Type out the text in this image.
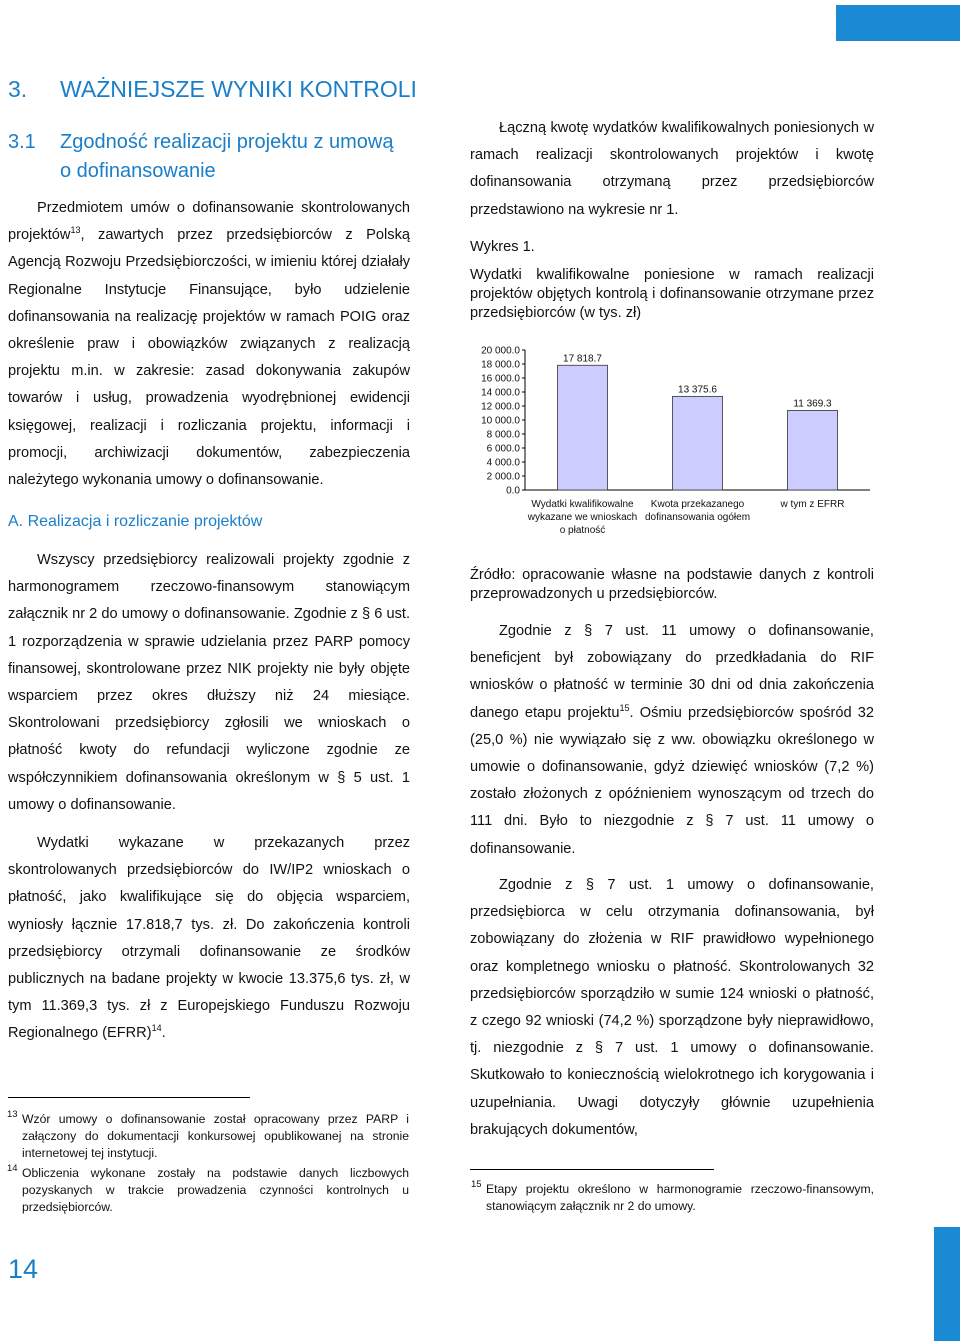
3. WAŻNIEJSZE WYNIKI KONTROLI
3.1 Zgodność realizacji projektu z umową
o dofinansowanie

Przedmiotem umów o dofinansowanie skontrolowanych projektów$^{13}$, zawartych przez przedsiębiorców z Polską Agencją Rozwoju Przedsiębiorczości, w imieniu której działały Regionalne Instytucje Finansujące, było udzielenie dofinansowania na realizację projektów w ramach POIG oraz określenie praw i obowiązków związanych z realizacją projektu m.in. w zakresie: zasad dokonywania zakupów towarów i usług, prowadzenia wyodrębnionej ewidencji księgowej, realizacji i rozliczania projektu, informacji i promocji, archiwizacji dokumentów, zabezpieczenia należytego wykonania umowy o dofinansowanie.

A. Realizacja i rozliczanie projektów

Wszyscy przedsiębiorcy realizowali projekty zgodnie z harmonogramem rzeczowo-finansowym stanowiącym załącznik nr 2 do umowy o dofinansowanie. Zgodnie z § 6 ust. 1 rozporządzenia w sprawie udzielania przez PARP pomocy finansowej, skontrolowane przez NIK projekty nie były objęte wsparciem przez okres dłuższy niż 24 miesiące. Skontrolowani przedsiębiorcy zgłosili we wnioskach o płatność kwoty do refundacji wyliczone zgodnie ze współczynnikiem dofinansowania określonym w § 5 ust. 1 umowy o dofinansowanie.

Wydatki wykazane w przekazanych przez skontrolowanych przedsiębiorców do IW/IP2 wnioskach o płatność, jako kwalifikujące się do objęcia wsparciem, wyniosły łącznie 17.818,7 tys. zł. Do zakończenia kontroli przedsiębiorcy otrzymali dofinansowanie ze środków publicznych na badane projekty w kwocie 13.375,6 tys. zł, w tym 11.369,3 tys. zł z Europejskiego Funduszu Rozwoju Regionalnego (EFRR)$^{14}$.

13 Wzór umowy o dofinansowanie został opracowany przez PARP i załączony do dokumentacji konkursowej opublikowanej na stronie internetowej tej instytucji.
14 Obliczenia wykonane zostały na podstawie danych liczbowych pozyskanych w trakcie prowadzenia czynności kontrolnych u przedsiębiorców.
14

Łączną kwotę wydatków kwalifikowalnych poniesionych w ramach realizacji skontrolowanych projektów i kwotę dofinansowania otrzymaną przez przedsiębiorców przedstawiono na wykresie nr 1.

Wykres 1.
Wydatki kwalifikowalne poniesione w ramach realizacji projektów objętych kontrolą i dofinansowanie otrzymane przez przedsiębiorców (w tys. zł)
0.0
2 000.0
4 000.0
6 000.0
8 000.0
10 000.0
12 000.0
14 000.0
16 000.0
18 000.0
20 000.0
17 818.7
Wydatki kwalifikowalne
wykazane we wnioskach
o płatność
13 375.6
Kwota przekazanego
dofinansowania ogółem
11 369.3
w tym z EFRR
Źródło: opracowanie własne na podstawie danych z kontroli przeprowadzonych u przedsiębiorców.

Zgodnie z § 7 ust. 11 umowy o dofinansowanie, beneficjent był zobowiązany do przedkładania do RIF wniosków o płatność w terminie 30 dni od dnia zakończenia danego etapu projektu$^{15}$. Ośmiu przedsiębiorców spośród 32 (25,0 %) nie wywiązało się z ww. obowiązku określonego w umowie o dofinansowanie, gdyż dziewięć wniosków (7,2 %) zostało złożonych z opóźnieniem wynoszącym od trzech do 111 dni. Było to niezgodnie z § 7 ust. 11 umowy o dofinansowanie.

Zgodnie z § 7 ust. 1 umowy o dofinansowanie, przedsiębiorca w celu otrzymania dofinansowania, był zobowiązany do złożenia w RIF prawidłowo wypełnionego oraz kompletnego wniosku o płatność. Skontrolowanych 32 przedsiębiorców sporządziło w sumie 124 wnioski o płatność, z czego 92 wnioski (74,2 %) sporządzone były nieprawidłowo, tj. niezgodnie z § 7 ust. 1 umowy o dofinansowanie. Skutkowało to koniecznością wielokrotnego ich korygowania i uzupełniania. Uwagi dotyczyły głównie uzupełnienia brakujących dokumentów,

15 Etapy projektu określono w harmonogramie rzeczowo-finansowym, stanowiącym załącznik nr 2 do umowy.
